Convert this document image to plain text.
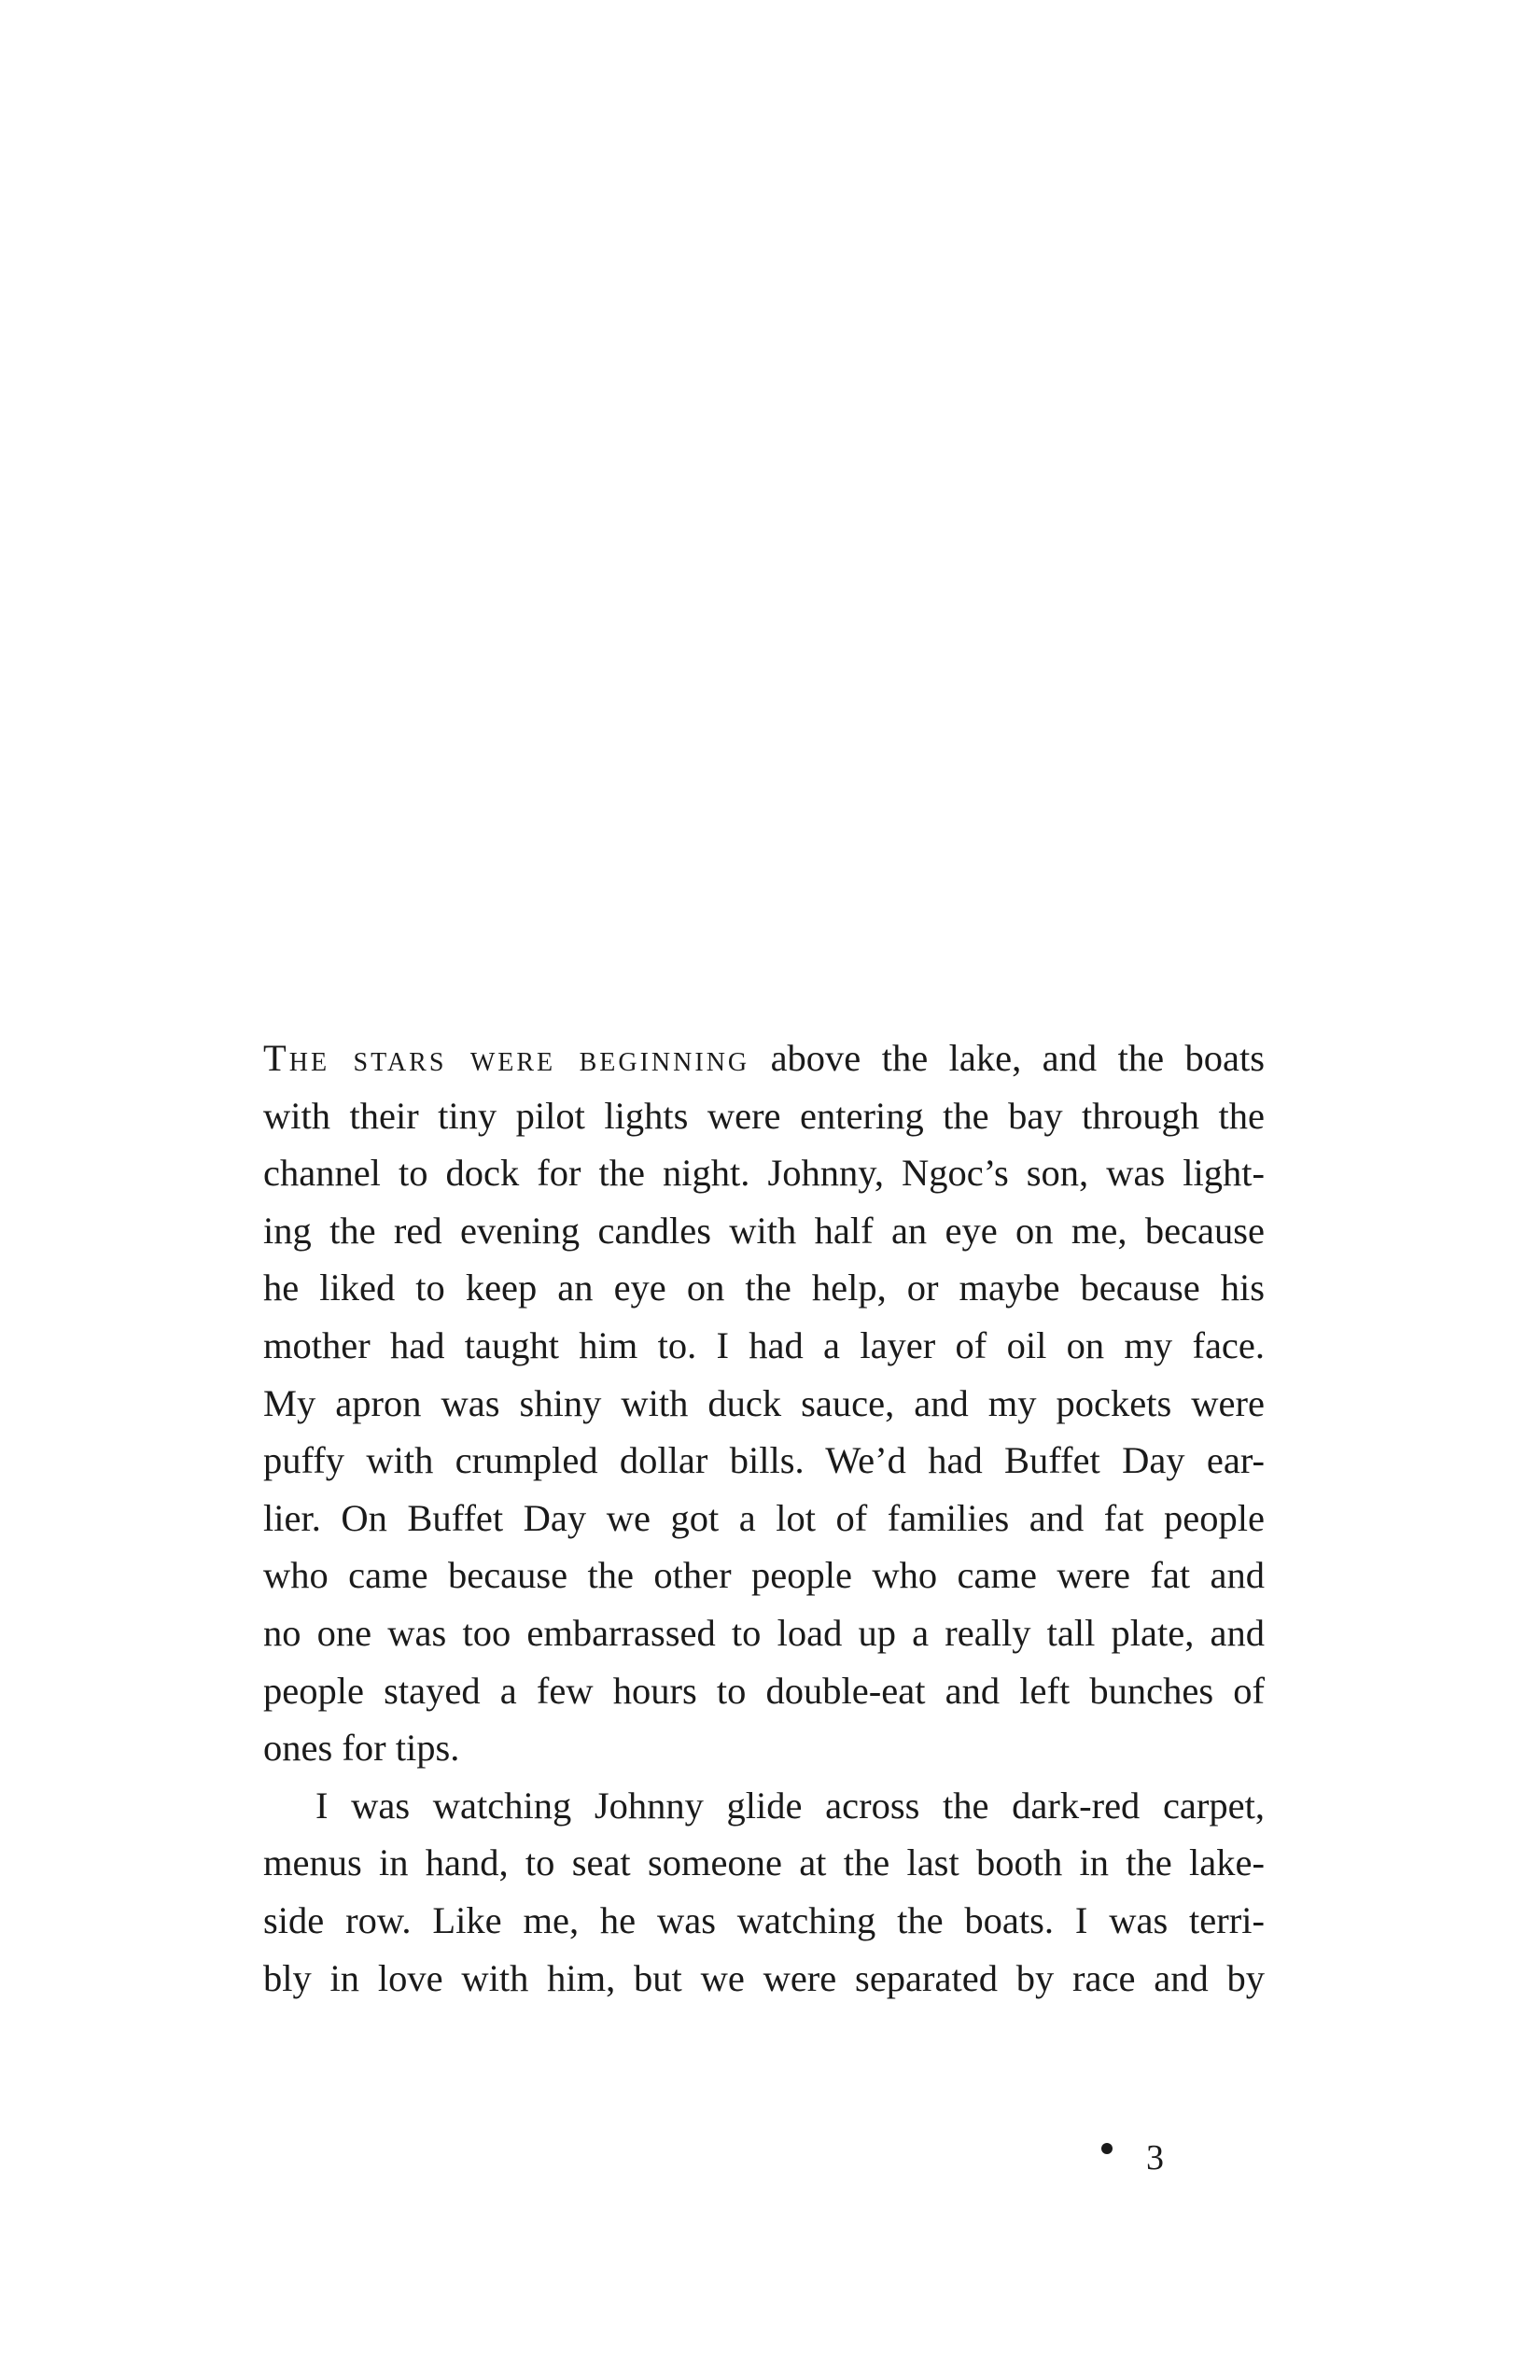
The stars were beginning above the lake, and the boats
with their tiny pilot lights were entering the bay through the
channel to dock for the night. Johnny, Ngoc’s son, was light-
ing the red evening candles with half an eye on me, because
he liked to keep an eye on the help, or maybe because his
mother had taught him to. I had a layer of oil on my face.
My apron was shiny with duck sauce, and my pockets were
puffy with crumpled dollar bills. We’d had Buffet Day ear-
lier. On Buffet Day we got a lot of families and fat people
who came because the other people who came were fat and
no one was too embarrassed to load up a really tall plate, and
people stayed a few hours to double-eat and left bunches of
ones for tips.
I was watching Johnny glide across the dark-red carpet,
menus in hand, to seat someone at the last booth in the lake-
side row. Like me, he was watching the boats. I was terri-
bly in love with him, but we were separated by race and by
3
